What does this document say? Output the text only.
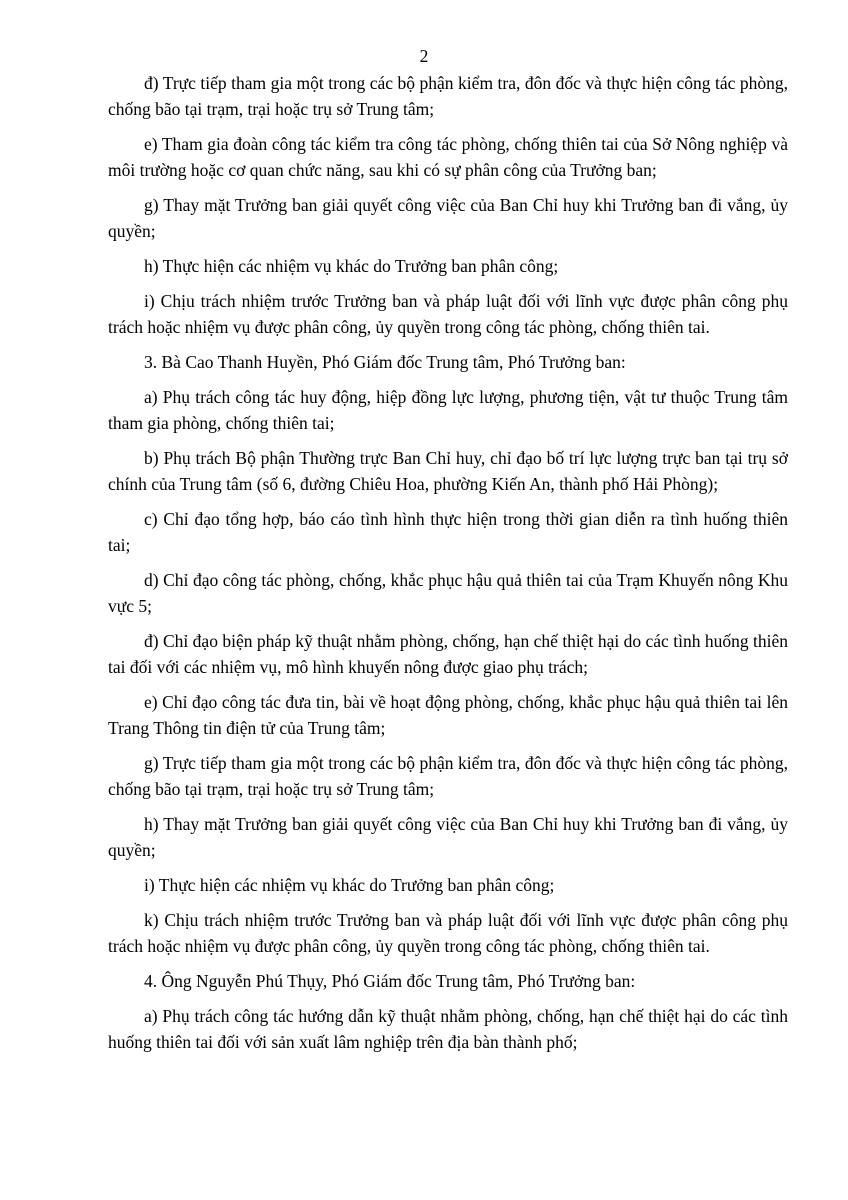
2

đ) Trực tiếp tham gia một trong các bộ phận kiểm tra, đôn đốc và thực hiện công tác phòng, chống bão tại trạm, trại hoặc trụ sở Trung tâm;

e) Tham gia đoàn công tác kiểm tra công tác phòng, chống thiên tai của Sở Nông nghiệp và môi trường hoặc cơ quan chức năng, sau khi có sự phân công của Trưởng ban;

g) Thay mặt Trưởng ban giải quyết công việc của Ban Chỉ huy khi Trưởng ban đi vắng, ủy quyền;

h) Thực hiện các nhiệm vụ khác do Trưởng ban phân công;

i) Chịu trách nhiệm trước Trưởng ban và pháp luật đối với lĩnh vực được phân công phụ trách hoặc nhiệm vụ được phân công, ủy quyền trong công tác phòng, chống thiên tai.

3. Bà Cao Thanh Huyền, Phó Giám đốc Trung tâm, Phó Trưởng ban:

a) Phụ trách công tác huy động, hiệp đồng lực lượng, phương tiện, vật tư thuộc Trung tâm tham gia phòng, chống thiên tai;

b) Phụ trách Bộ phận Thường trực Ban Chỉ huy, chỉ đạo bố trí lực lượng trực ban tại trụ sở chính của Trung tâm (số 6, đường Chiêu Hoa, phường Kiến An, thành phố Hải Phòng);

c) Chỉ đạo tổng hợp, báo cáo tình hình thực hiện trong thời gian diễn ra tình huống thiên tai;

d) Chỉ đạo công tác phòng, chống, khắc phục hậu quả thiên tai của Trạm Khuyến nông Khu vực 5;

đ) Chỉ đạo biện pháp kỹ thuật nhằm phòng, chống, hạn chế thiệt hại do các tình huống thiên tai đối với các nhiệm vụ, mô hình khuyến nông được giao phụ trách;

e) Chỉ đạo công tác đưa tin, bài về hoạt động phòng, chống, khắc phục hậu quả thiên tai lên Trang Thông tin điện tử của Trung tâm;

g) Trực tiếp tham gia một trong các bộ phận kiểm tra, đôn đốc và thực hiện công tác phòng, chống bão tại trạm, trại hoặc trụ sở Trung tâm;

h) Thay mặt Trưởng ban giải quyết công việc của Ban Chỉ huy khi Trưởng ban đi vắng, ủy quyền;

i) Thực hiện các nhiệm vụ khác do Trưởng ban phân công;

k) Chịu trách nhiệm trước Trưởng ban và pháp luật đối với lĩnh vực được phân công phụ trách hoặc nhiệm vụ được phân công, ủy quyền trong công tác phòng, chống thiên tai.

4. Ông Nguyễn Phú Thụy, Phó Giám đốc Trung tâm, Phó Trưởng ban:

a) Phụ trách công tác hướng dẫn kỹ thuật nhằm phòng, chống, hạn chế thiệt hại do các tình huống thiên tai đối với sản xuất lâm nghiệp trên địa bàn thành phố;
